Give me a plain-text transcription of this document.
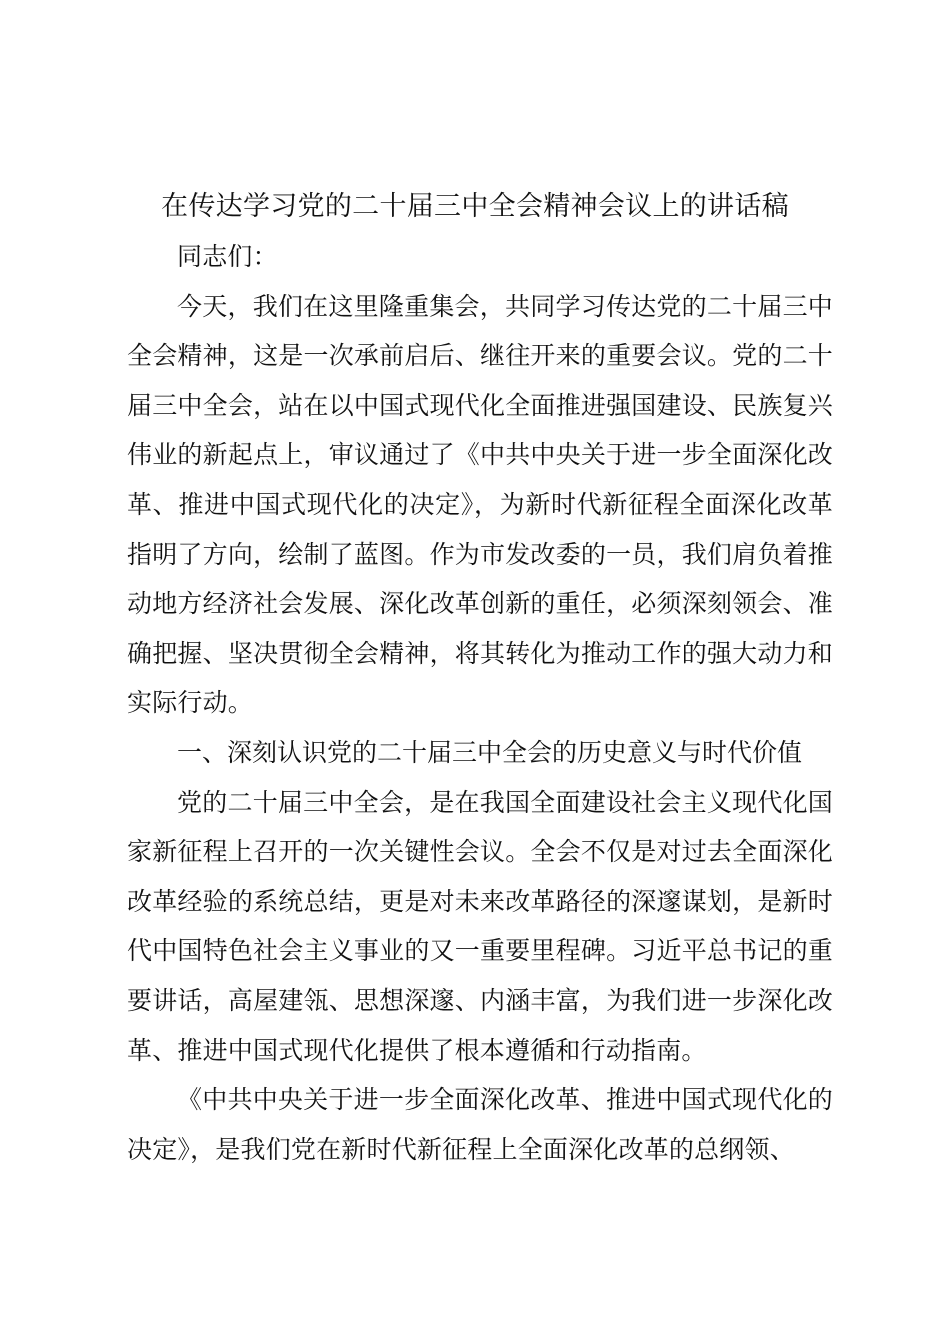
在传达学习党的二十届三中全会精神会议上的讲话稿

同志们：

今天，我们在这里隆重集会，共同学习传达党的二十届三中全会精神，这是一次承前启后、继往开来的重要会议。党的二十届三中全会，站在以中国式现代化全面推进强国建设、民族复兴伟业的新起点上，审议通过了《中共中央关于进一步全面深化改革、推进中国式现代化的决定》，为新时代新征程全面深化改革指明了方向，绘制了蓝图。作为市发改委的一员，我们肩负着推动地方经济社会发展、深化改革创新的重任，必须深刻领会、准确把握、坚决贯彻全会精神，将其转化为推动工作的强大动力和实际行动。

一、深刻认识党的二十届三中全会的历史意义与时代价值

党的二十届三中全会，是在我国全面建设社会主义现代化国家新征程上召开的一次关键性会议。全会不仅是对过去全面深化改革经验的系统总结，更是对未来改革路径的深邃谋划，是新时代中国特色社会主义事业的又一重要里程碑。习近平总书记的重要讲话，高屋建瓴、思想深邃、内涵丰富，为我们进一步深化改革、推进中国式现代化提供了根本遵循和行动指南。

《中共中央关于进一步全面深化改革、推进中国式现代化的决定》，是我们党在新时代新征程上全面深化改革的总纲领、
